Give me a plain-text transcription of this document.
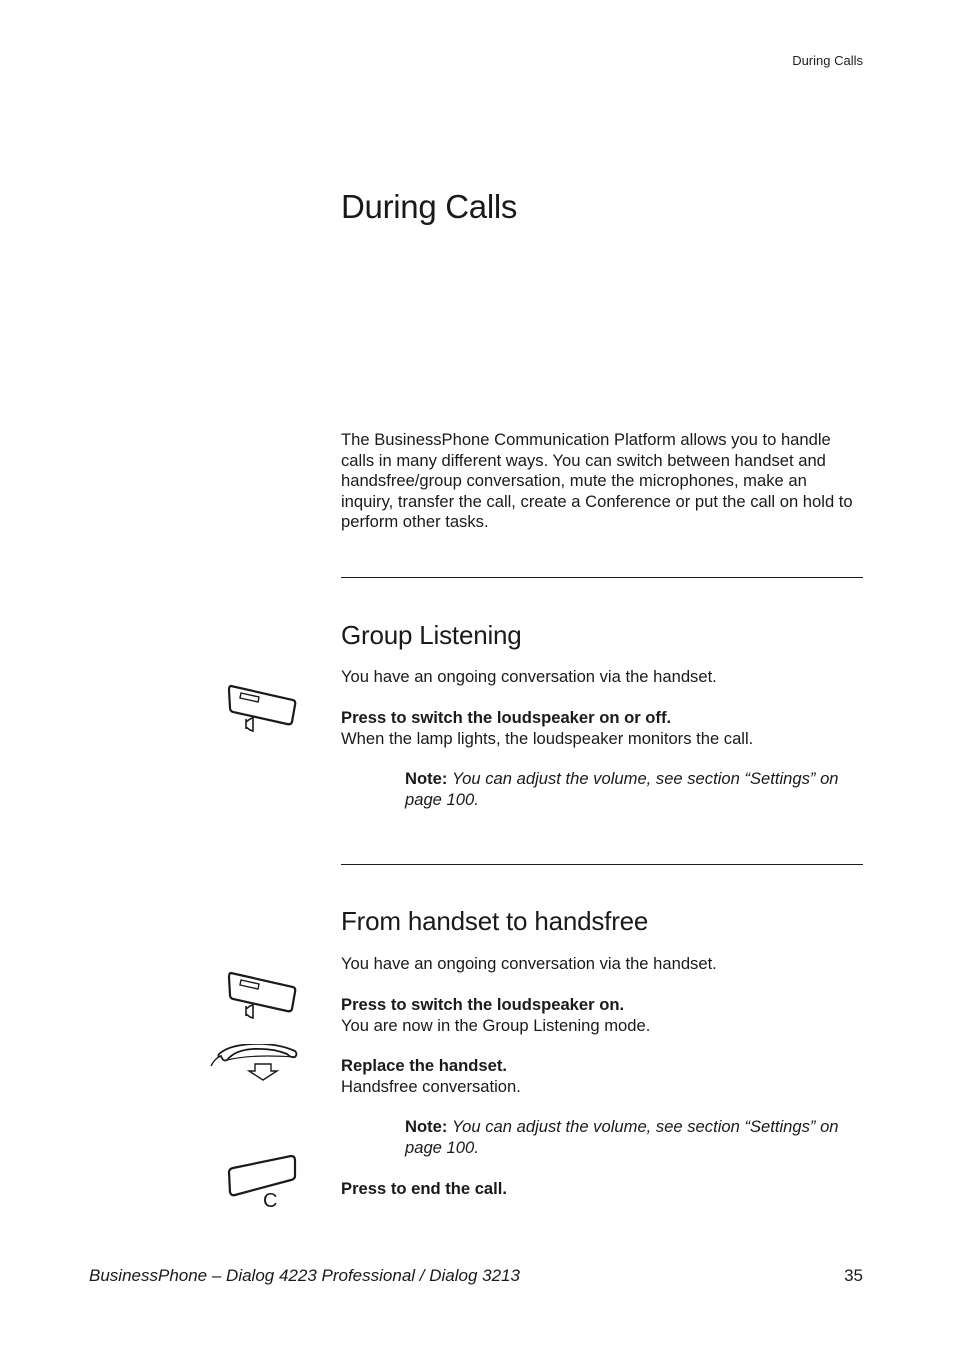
During Calls
During Calls

The BusinessPhone Communication Platform allows you to handle calls in many different ways. You can switch between handset and handsfree/group conversation, mute the microphones, make an inquiry, transfer the call, create a Conference or put the call on hold to perform other tasks.

Group Listening

You have an ongoing conversation via the handset.

Press to switch the loudspeaker on or off.
When the lamp lights, the loudspeaker monitors the call.

Note: You can adjust the volume, see section “Settings” on page 100.

From handset to handsfree

You have an ongoing conversation via the handset.

Press to switch the loudspeaker on.
You are now in the Group Listening mode.

Replace the handset.
Handsfree conversation.

Note: You can adjust the volume, see section “Settings” on page 100.

C

Press to end the call.

BusinessPhone – Dialog 4223 Professional / Dialog 3213	35
